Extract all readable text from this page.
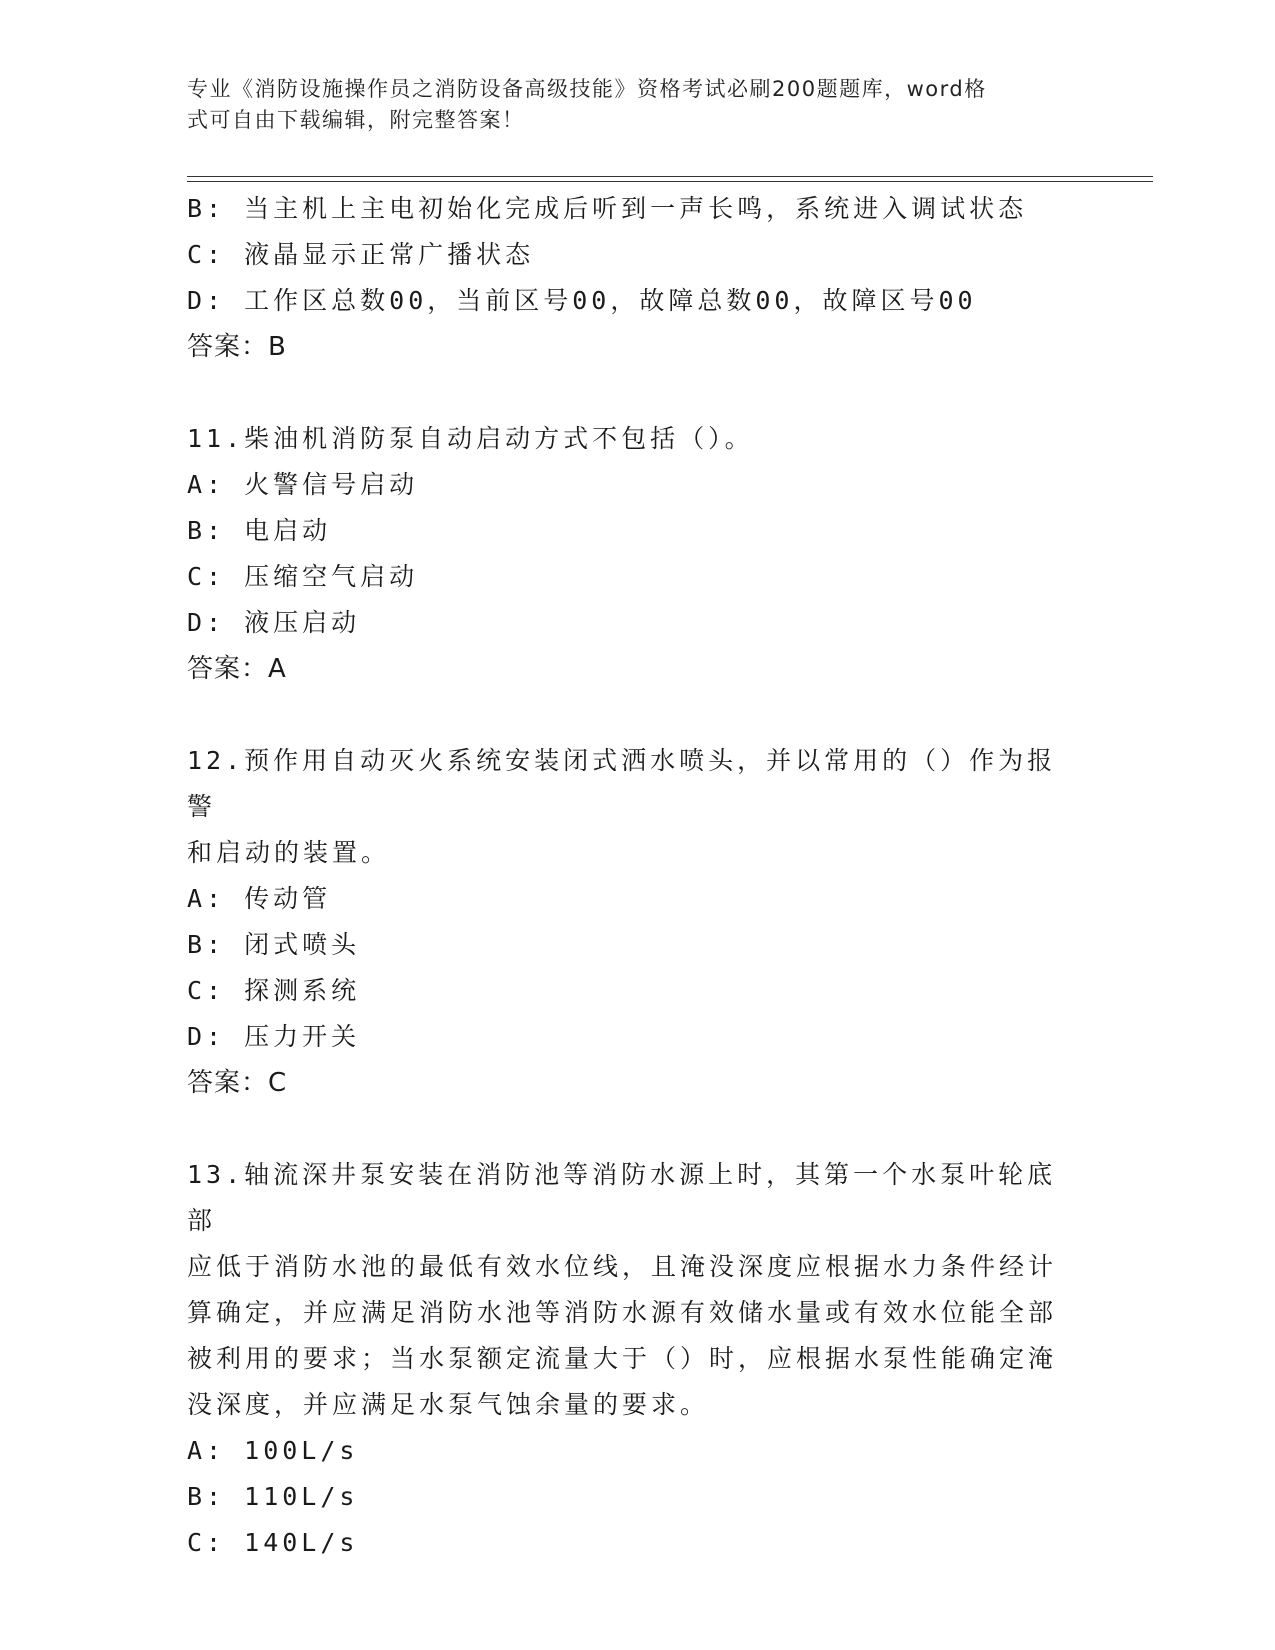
专业《消防设施操作员之消防设备高级技能》资格考试必刷200题题库，word格
式可自由下载编辑，附完整答案！
B: 当主机上主电初始化完成后听到一声长鸣，系统进入调试状态
C: 液晶显示正常广播状态
D: 工作区总数00，当前区号00，故障总数00，故障区号00
答案：B
11.柴油机消防泵自动启动方式不包括（）。
A: 火警信号启动
B: 电启动
C: 压缩空气启动
D: 液压启动
答案：A
12.预作用自动灭火系统安装闭式洒水喷头，并以常用的（）作为报警
和启动的装置。
A: 传动管
B: 闭式喷头
C: 探测系统
D: 压力开关
答案：C
13.轴流深井泵安装在消防池等消防水源上时，其第一个水泵叶轮底部
应低于消防水池的最低有效水位线，且淹没深度应根据水力条件经计
算确定，并应满足消防水池等消防水源有效储水量或有效水位能全部
被利用的要求；当水泵额定流量大于（）时，应根据水泵性能确定淹
没深度，并应满足水泵气蚀余量的要求。
A: 100L/s
B: 110L/s
C: 140L/s
